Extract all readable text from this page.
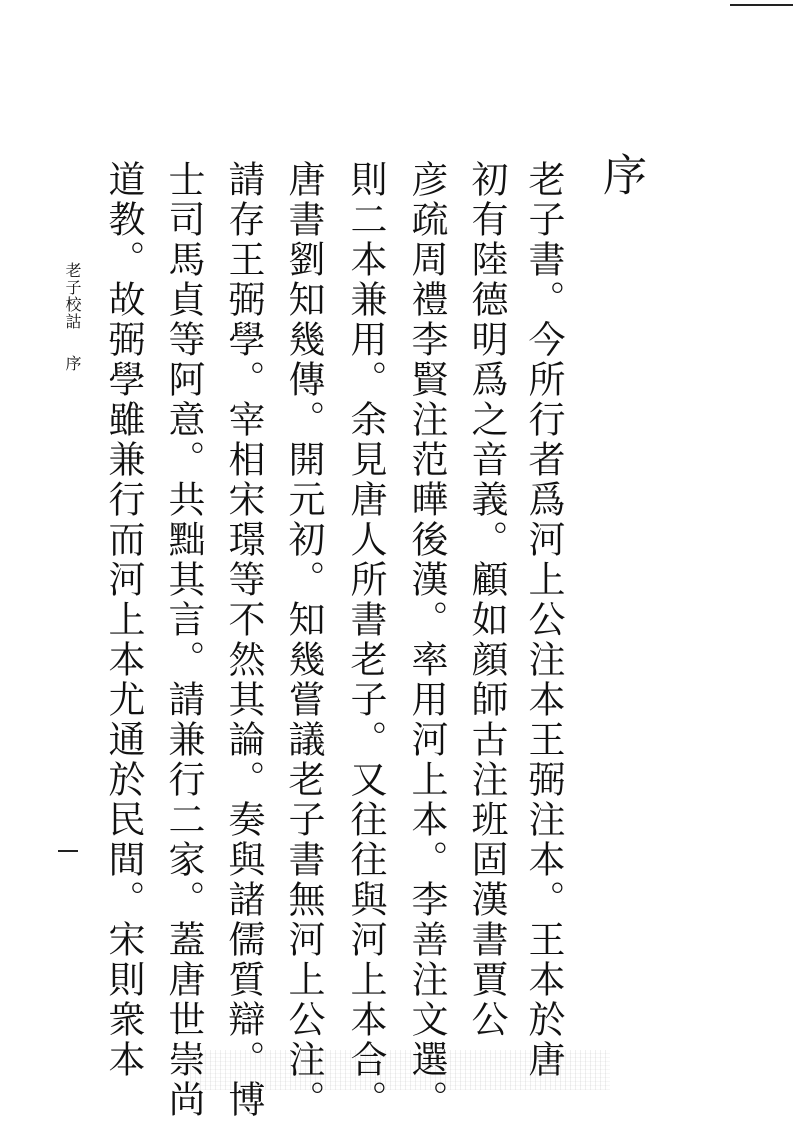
序
老子書。今所行者爲河上公注本王弼注本。王本於唐
初有陸德明爲之音義。顧如顔師古注班固漢書賈公
彦疏周禮李賢注范曄後漢。率用河上本。李善注文選。
則二本兼用。余見唐人所書老子。又往往與河上本合。
唐書劉知幾傳。開元初。知幾嘗議老子書無河上公注。
請存王弼學。宰相宋璟等不然其論。奏與諸儒質辯。博
士司馬貞等阿意。共黜其言。請兼行二家。蓋唐世崇尚
道教。故弼學雖兼行而河上本尤通於民間。宋則衆本
老子校詁
序
